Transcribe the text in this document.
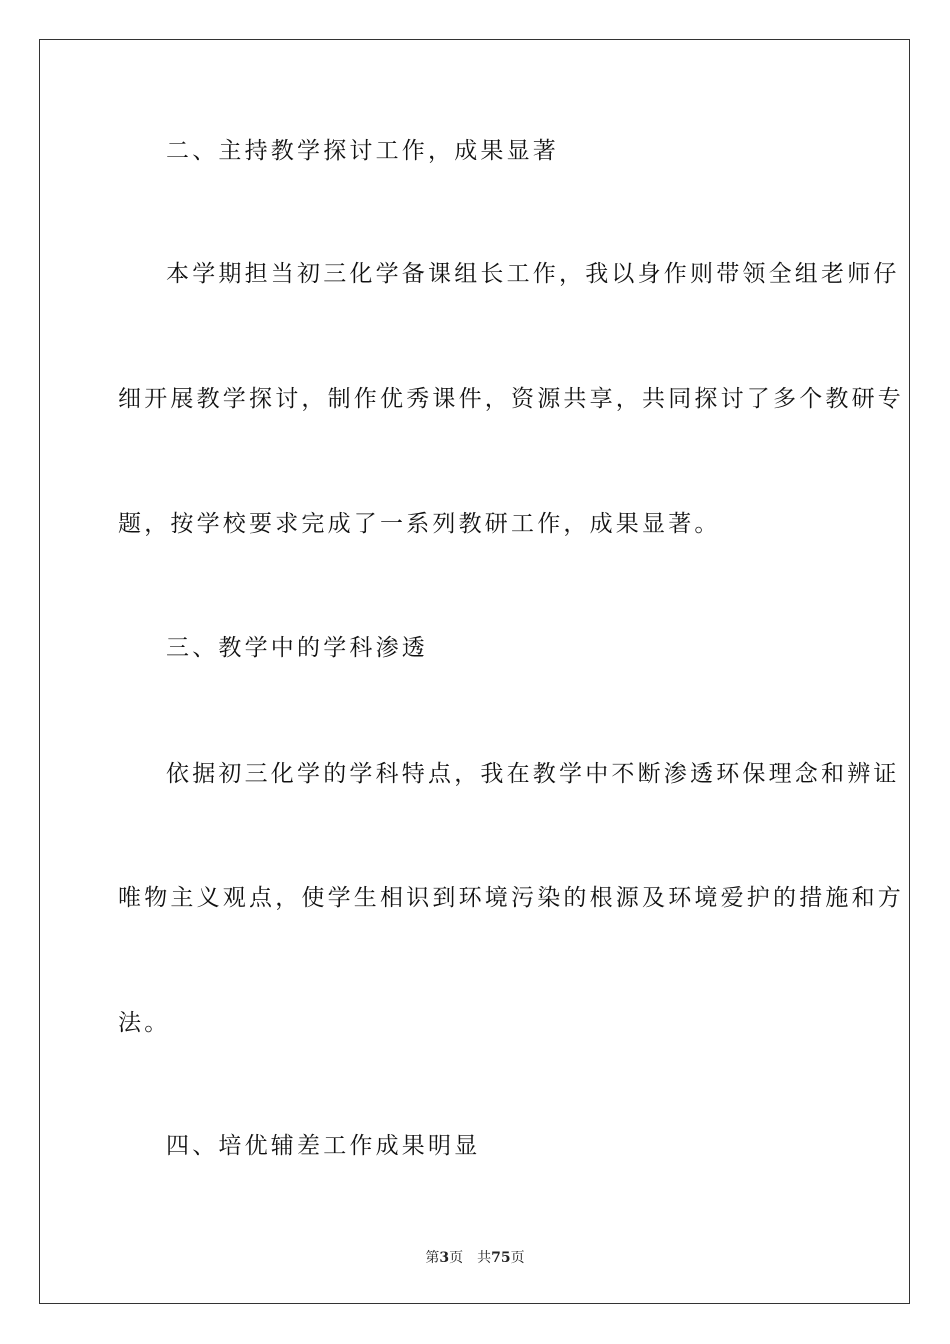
二、主持教学探讨工作，成果显著
本学期担当初三化学备课组长工作，我以身作则带领全组老师仔
细开展教学探讨，制作优秀课件，资源共享，共同探讨了多个教研专
题，按学校要求完成了一系列教研工作，成果显著。
三、教学中的学科渗透
依据初三化学的学科特点，我在教学中不断渗透环保理念和辨证
唯物主义观点，使学生相识到环境污染的根源及环境爱护的措施和方
法。
四、培优辅差工作成果明显
第3页 共75页
